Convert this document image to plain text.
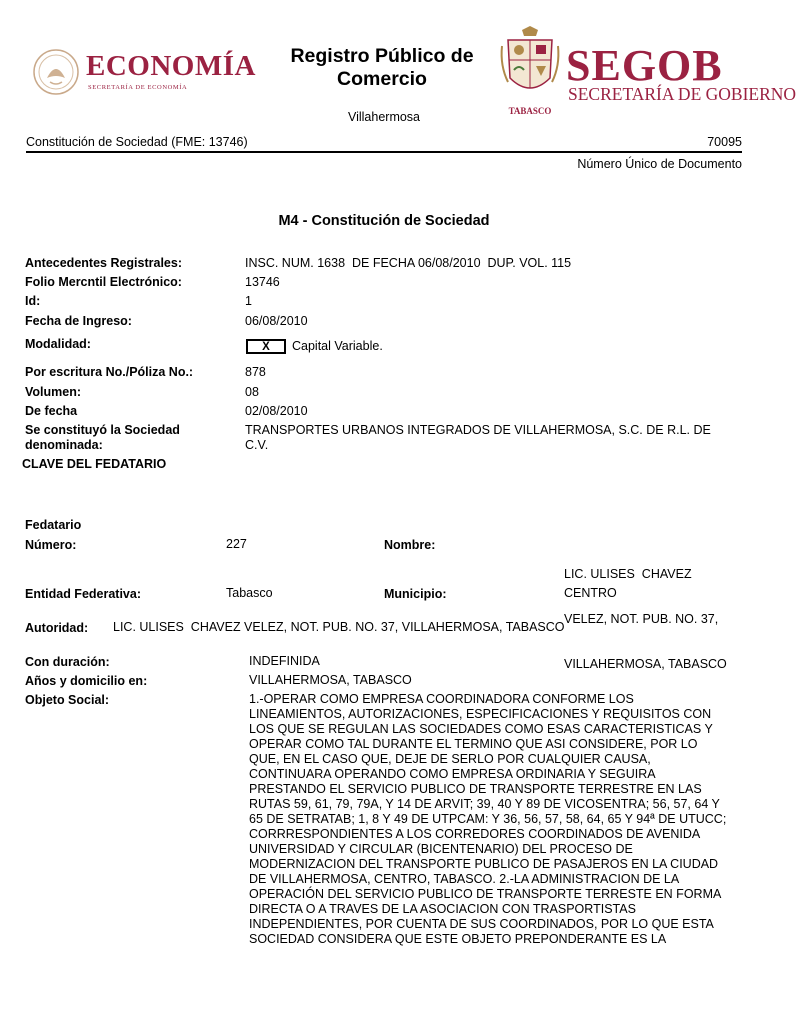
ECONOMÍA
SECRETARÍA DE ECONOMÍA
Registro Público de
Comercio
Villahermosa	TABASCO
SEGOB
SECRETARÍA DE GOBIERNO
Constitución de Sociedad (FME: 13746)	70095
Número Único de Documento
M4 - Constitución de Sociedad
Antecedentes Registrales:	INSC. NUM. 1638  DE FECHA 06/08/2010  DUP. VOL. 115
Folio Mercntil Electrónico:	13746
Id:	1
Fecha de Ingreso:	06/08/2010
Modalidad:	X	Capital Variable.
Por escritura No./Póliza No.:	878
Volumen:	08
De fecha	02/08/2010
Se constituyó la Sociedad
denominada:
TRANSPORTES URBANOS INTEGRADOS DE VILLAHERMOSA, S.C. DE R.L. DE
C.V.
CLAVE DEL FEDATARIO
Fedatario
Número:	227	Nombre:

LIC. ULISES  CHAVEZ

VELEZ, NOT. PUB. NO. 37,

VILLAHERMOSA, TABASCO

Entidad Federativa:	Tabasco	Municipio:	CENTRO
Autoridad: LIC. ULISES  CHAVEZ VELEZ, NOT. PUB. NO. 37, VILLAHERMOSA, TABASCO
Con duración:	INDEFINIDA
Años y domicilio en:	VILLAHERMOSA, TABASCO
Objeto Social:	1.-OPERAR COMO EMPRESA COORDINADORA CONFORME LOS
LINEAMIENTOS, AUTORIZACIONES, ESPECIFICACIONES Y REQUISITOS CON
LOS QUE SE REGULAN LAS SOCIEDADES COMO ESAS CARACTERISTICAS Y
OPERAR COMO TAL DURANTE EL TERMINO QUE ASI CONSIDERE, POR LO
QUE, EN EL CASO QUE, DEJE DE SERLO POR CUALQUIER CAUSA,
CONTINUARA OPERANDO COMO EMPRESA ORDINARIA Y SEGUIRA
PRESTANDO EL SERVICIO PUBLICO DE TRANSPORTE TERRESTRE EN LAS
RUTAS 59, 61, 79, 79A, Y 14 DE ARVIT; 39, 40 Y 89 DE VICOSENTRA; 56, 57, 64 Y
65 DE SETRATAB; 1, 8 Y 49 DE UTPCAM: Y 36, 56, 57, 58, 64, 65 Y 94ª DE UTUCC;
CORRRESPONDIENTES A LOS CORREDORES COORDINADOS DE AVENIDA
UNIVERSIDAD Y CIRCULAR (BICENTENARIO) DEL PROCESO DE
MODERNIZACION DEL TRANSPORTE PUBLICO DE PASAJEROS EN LA CIUDAD
DE VILLAHERMOSA, CENTRO, TABASCO. 2.-LA ADMINISTRACION DE LA
OPERACIÓN DEL SERVICIO PUBLICO DE TRANSPORTE TERRESTE EN FORMA
DIRECTA O A TRAVES DE LA ASOCIACION CON TRASPORTISTAS
INDEPENDIENTES, POR CUENTA DE SUS COORDINADOS, POR LO QUE ESTA
SOCIEDAD CONSIDERA QUE ESTE OBJETO PREPONDERANTE ES LA
